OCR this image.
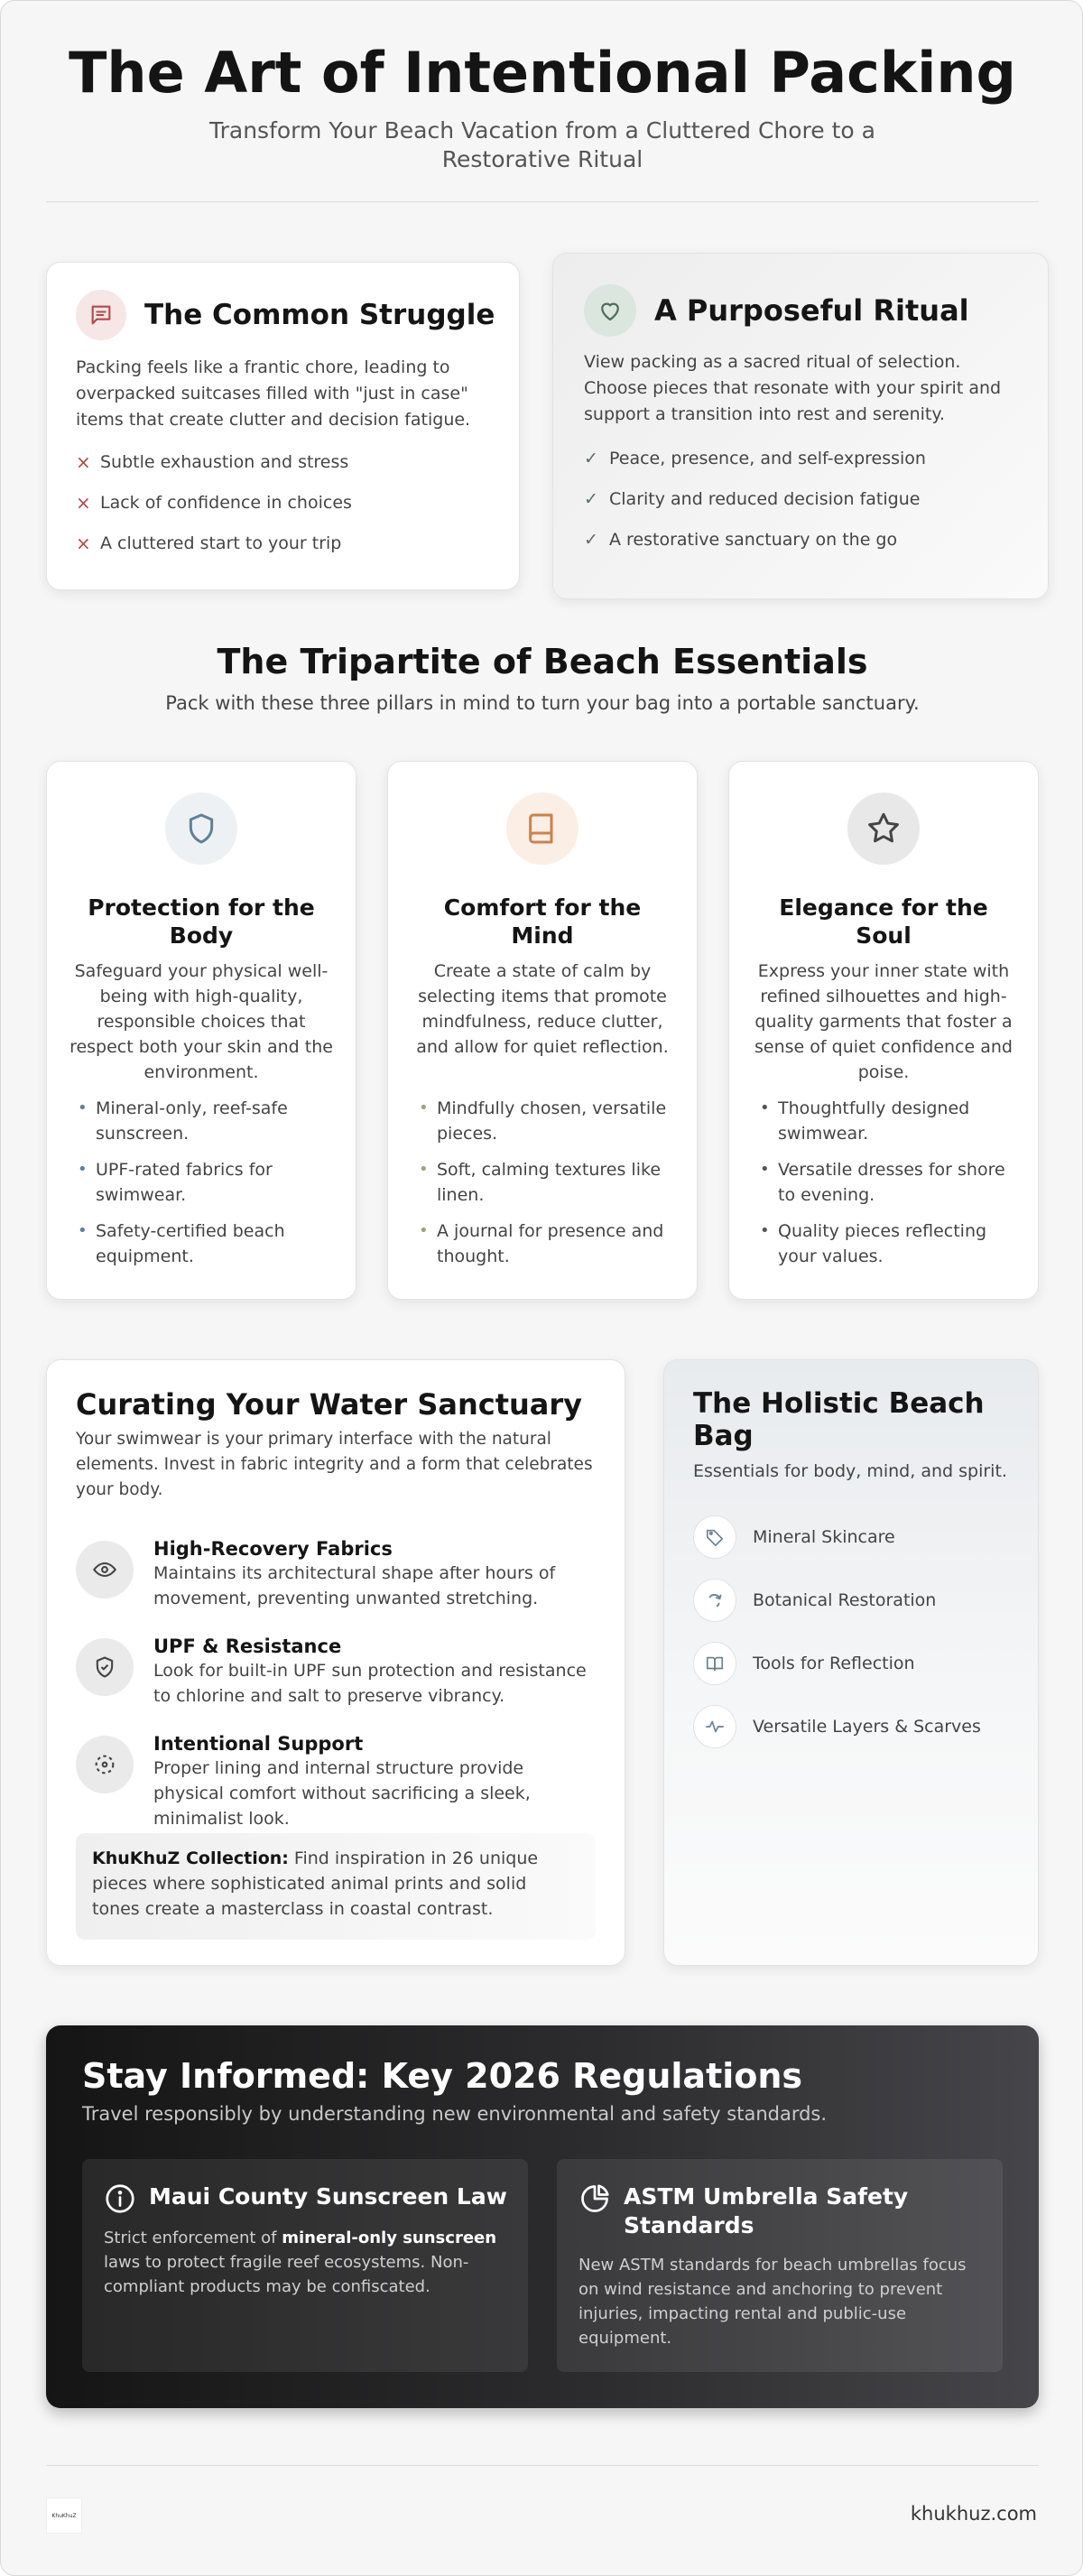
The Art of Intentional Packing

Transform Your Beach Vacation from a Cluttered Chore to a Restorative Ritual

The Common Struggle

Packing feels like a frantic chore, leading to overpacked suitcases filled with "just in case" items that create clutter and decision fatigue.

× Subtle exhaustion and stress
× Lack of confidence in choices
× A cluttered start to your trip
A Purposeful Ritual

View packing as a sacred ritual of selection. Choose pieces that resonate with your spirit and support a transition into rest and serenity.

✓ Peace, presence, and self-expression
✓ Clarity and reduced decision fatigue
✓ A restorative sanctuary on the go
The Tripartite of Beach Essentials

Pack with these three pillars in mind to turn your bag into a portable sanctuary.

Protection for the Body

Safeguard your physical well-being with high-quality, responsible choices that respect both your skin and the environment.

• Mineral-only, reef-safe sunscreen.
• UPF-rated fabrics for swimwear.
• Safety-certified beach equipment.
Comfort for the Mind

Create a state of calm by selecting items that promote mindfulness, reduce clutter, and allow for quiet reflection.

• Mindfully chosen, versatile pieces.
• Soft, calming textures like linen.
• A journal for presence and thought.
Elegance for the Soul

Express your inner state with refined silhouettes and high-quality garments that foster a sense of quiet confidence and poise.

• Thoughtfully designed swimwear.
• Versatile dresses for shore to evening.
• Quality pieces reflecting your values.
Curating Your Water Sanctuary

Your swimwear is your primary interface with the natural elements. Invest in fabric integrity and a form that celebrates your body.

High-Recovery Fabrics
Maintains its architectural shape after hours of movement, preventing unwanted stretching.
UPF & Resistance
Look for built-in UPF sun protection and resistance to chlorine and salt to preserve vibrancy.
Intentional Support
Proper lining and internal structure provide physical comfort without sacrificing a sleek, minimalist look.
KhuKhuZ Collection: Find inspiration in 26 unique pieces where sophisticated animal prints and solid tones create a masterclass in coastal contrast.
The Holistic Beach Bag

Essentials for body, mind, and spirit.

Mineral Skincare
Botanical Restoration
Tools for Reflection
Versatile Layers & Scarves
Stay Informed: Key 2026 Regulations

Travel responsibly by understanding new environmental and safety standards.

Maui County Sunscreen Law

Strict enforcement of mineral-only sunscreen laws to protect fragile reef ecosystems. Non-compliant products may be confiscated.

ASTM Umbrella Safety Standards

New ASTM standards for beach umbrellas focus on wind resistance and anchoring to prevent injuries, impacting rental and public-use equipment.

KhuKhuZ	khukhuz.com
